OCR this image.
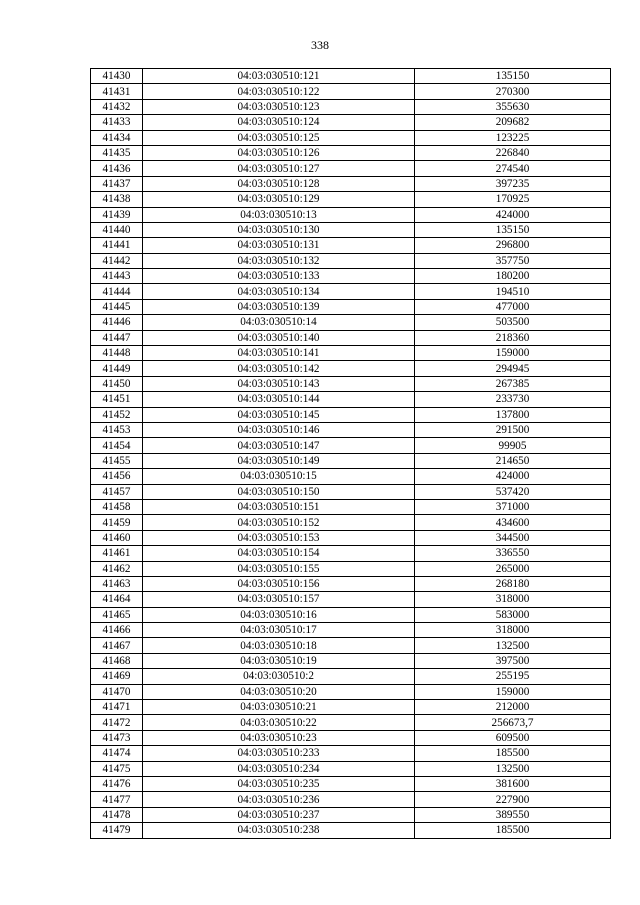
338
41430	04:03:030510:121	135150
41431	04:03:030510:122	270300
41432	04:03:030510:123	355630
41433	04:03:030510:124	209682
41434	04:03:030510:125	123225
41435	04:03:030510:126	226840
41436	04:03:030510:127	274540
41437	04:03:030510:128	397235
41438	04:03:030510:129	170925
41439	04:03:030510:13	424000
41440	04:03:030510:130	135150
41441	04:03:030510:131	296800
41442	04:03:030510:132	357750
41443	04:03:030510:133	180200
41444	04:03:030510:134	194510
41445	04:03:030510:139	477000
41446	04:03:030510:14	503500
41447	04:03:030510:140	218360
41448	04:03:030510:141	159000
41449	04:03:030510:142	294945
41450	04:03:030510:143	267385
41451	04:03:030510:144	233730
41452	04:03:030510:145	137800
41453	04:03:030510:146	291500
41454	04:03:030510:147	99905
41455	04:03:030510:149	214650
41456	04:03:030510:15	424000
41457	04:03:030510:150	537420
41458	04:03:030510:151	371000
41459	04:03:030510:152	434600
41460	04:03:030510:153	344500
41461	04:03:030510:154	336550
41462	04:03:030510:155	265000
41463	04:03:030510:156	268180
41464	04:03:030510:157	318000
41465	04:03:030510:16	583000
41466	04:03:030510:17	318000
41467	04:03:030510:18	132500
41468	04:03:030510:19	397500
41469	04:03:030510:2	255195
41470	04:03:030510:20	159000
41471	04:03:030510:21	212000
41472	04:03:030510:22	256673,7
41473	04:03:030510:23	609500
41474	04:03:030510:233	185500
41475	04:03:030510:234	132500
41476	04:03:030510:235	381600
41477	04:03:030510:236	227900
41478	04:03:030510:237	389550
41479	04:03:030510:238	185500
